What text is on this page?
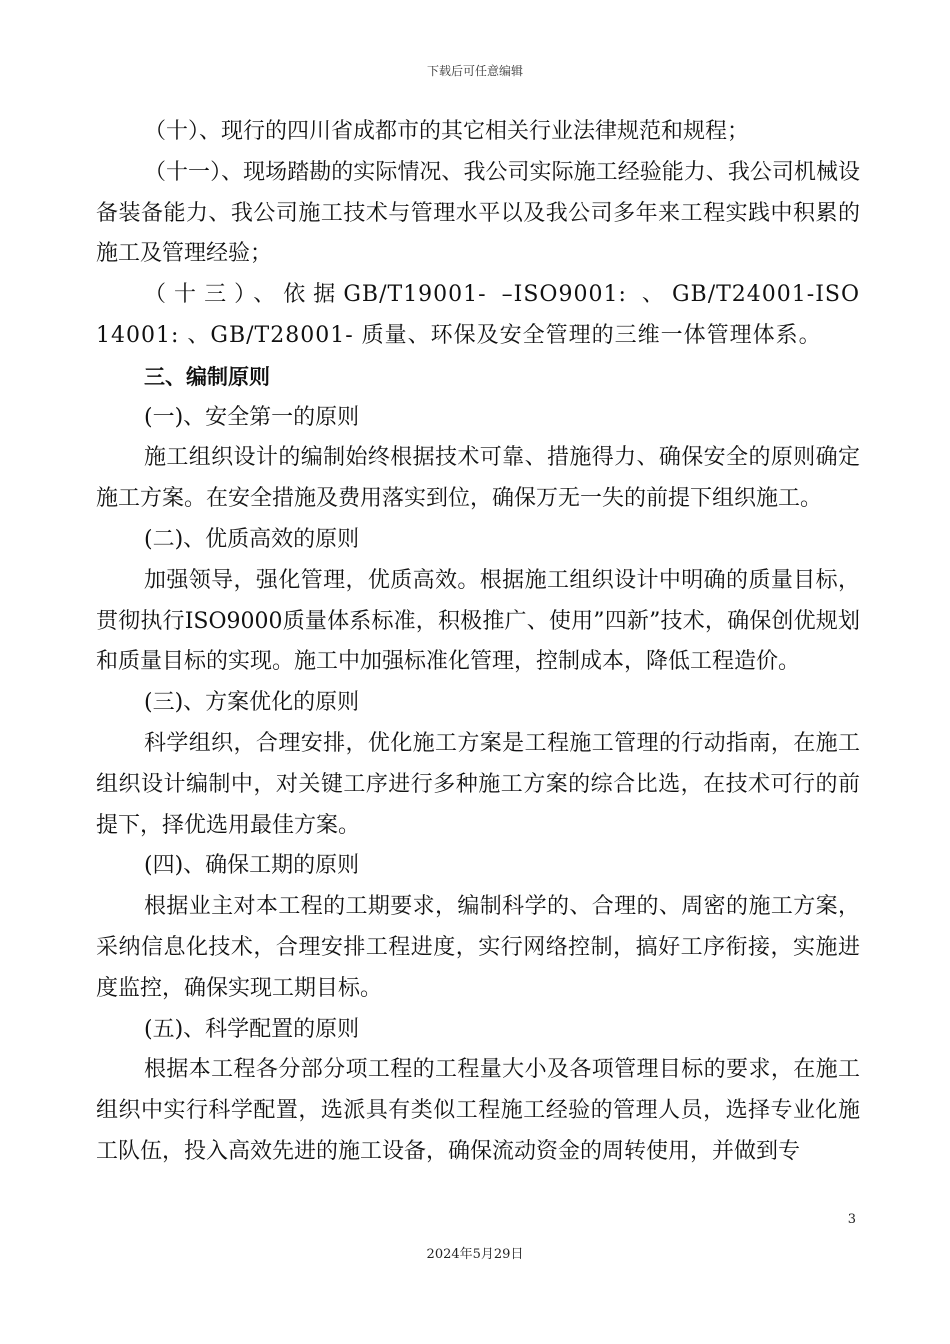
下载后可任意编辑

（十）、现行的四川省成都市的其它相关行业法律规范和规程；

（十一）、现场踏勘的实际情况、我公司实际施工经验能力、我公司机械设备装备能力、我公司施工技术与管理水平以及我公司多年来工程实践中积累的施工及管理经验；

（十三）、依据GB/T19001- –ISO9001: 、GB/T24001-ISO 14001: 、GB/T28001- 质量、环保及安全管理的三维一体管理体系。

三、编制原则

(一)、安全第一的原则

施工组织设计的编制始终根据技术可靠、措施得力、确保安全的原则确定施工方案。在安全措施及费用落实到位，确保万无一失的前提下组织施工。

(二)、优质高效的原则

加强领导，强化管理，优质高效。根据施工组织设计中明确的质量目标，贯彻执行ISO9000质量体系标准，积极推广、使用”四新”技术，确保创优规划和质量目标的实现。施工中加强标准化管理，控制成本，降低工程造价。

(三)、方案优化的原则

科学组织，合理安排，优化施工方案是工程施工管理的行动指南，在施工组织设计编制中，对关键工序进行多种施工方案的综合比选，在技术可行的前提下，择优选用最佳方案。

(四)、确保工期的原则

根据业主对本工程的工期要求，编制科学的、合理的、周密的施工方案，采纳信息化技术，合理安排工程进度，实行网络控制，搞好工序衔接，实施进度监控，确保实现工期目标。

(五)、科学配置的原则

根据本工程各分部分项工程的工程量大小及各项管理目标的要求，在施工组织中实行科学配置，选派具有类似工程施工经验的管理人员，选择专业化施工队伍，投入高效先进的施工设备，确保流动资金的周转使用，并做到专

3
2024年5月29日
